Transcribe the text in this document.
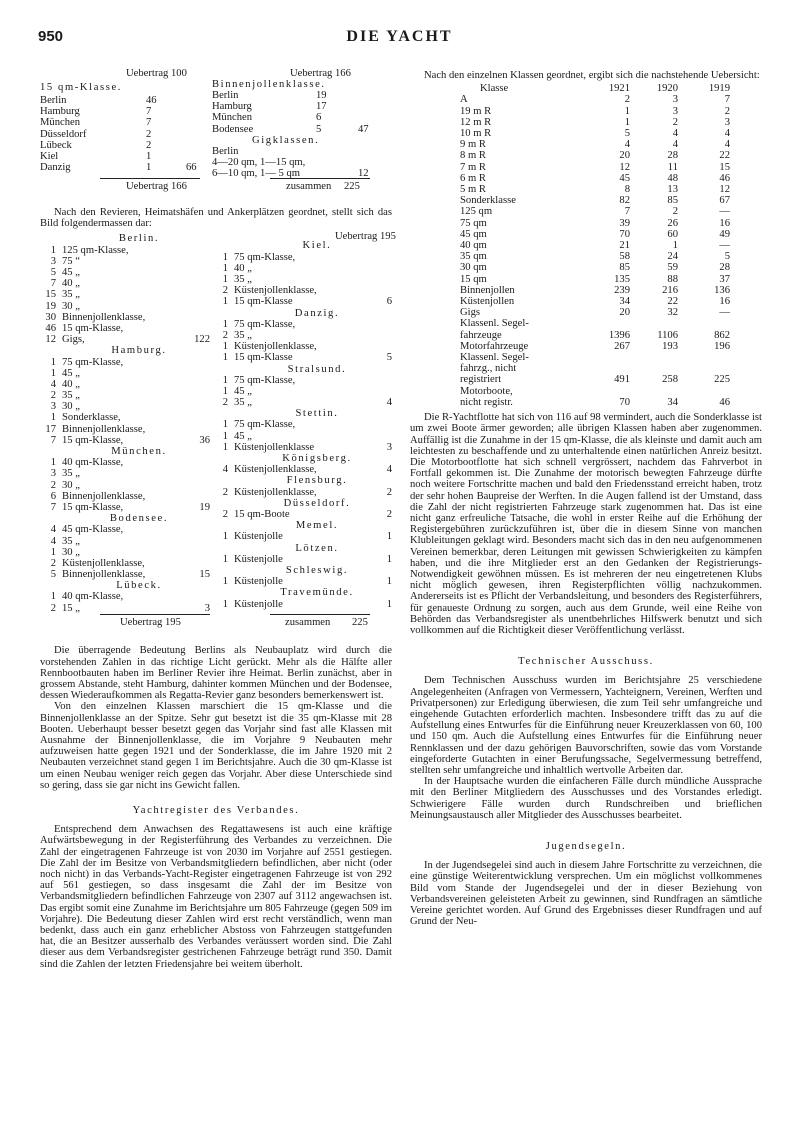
950	DIE YACHT
Uebertrag 100
15 qm-Klasse.
Berlin	46
Hamburg	7
München	7
Düsseldorf	2
Lübeck	2
Kiel	1
Danzig	1	66
Uebertrag 166
Uebertrag 166
Binnenjollenklasse.
Berlin	19
Hamburg	17
München	6
Bodensee	5	47
Gigklassen.
Berlin
4—20 qm, 1—15 qm,
6—10 qm, 1— 5 qm	12
zusammen 225

Nach den Revieren, Heimatshäfen und Ankerplätzen geordnet, stellt sich das Bild folgendermassen dar:

Uebertrag 195
Berlin.
1 125 qm-Klasse,
3 75 “
5 45 „
7 40 „
15 35 „
19 30 „
30 Binnenjollenklasse,
46 15 qm-Klasse,
12 Gigs,	122
Hamburg.
1 75 qm-Klasse,
1 45 „
4 40 „
2 35 „
3 30 „
1 Sonderklasse,
17 Binnenjollenklasse,
7 15 qm-Klasse,	36
München.
1 40 qm-Klasse,
3 35 „
2 30 „
6 Binnenjollenklasse,
7 15 qm-Klasse,	19
Bodensee.
4 45 qm-Klasse,
4 35 „
1 30 „
2 Küstenjollenklasse,
5 Binnenjollenklasse,	15
Lübeck.
1 40 qm-Klasse,
2 15 „	3
Kiel.
1 75 qm-Klasse,
1 40 „
1 35 „
2 Küstenjollenklasse,
1 15 qm-Klasse	6
Danzig.
1 75 qm-Klasse,
2 35 „
1 Küstenjollenklasse,
1 15 qm-Klasse	5
Stralsund.
1 75 qm-Klasse,
1 45 „
2 35 „	4
Stettin.
1 75 qm-Klasse,
1 45 „
1 Küstenjollenklasse	3
Königsberg.
4 Küstenjollenklasse,	4
Flensburg.
2 Küstenjollenklasse,	2
Düsseldorf.
2 15 qm-Boote	2
Memel.
1 Küstenjolle	1
Lötzen.
1 Küstenjolle	1
Schleswig.
1 Küstenjolle	1
Travemünde.
1 Küstenjolle	1
Uebertrag 195	zusammen 225

Die überragende Bedeutung Berlins als Neubauplatz wird durch die vorstehenden Zahlen in das richtige Licht gerückt. Mehr als die Hälfte aller Rennbootbauten haben im Berliner Revier ihre Heimat. Berlin zunächst, aber in grossem Abstande, steht Hamburg, dahinter kommen München und der Bodensee, dessen Wiederaufkommen als Regatta-Revier ganz besonders bemerkenswert ist.

Von den einzelnen Klassen marschiert die 15 qm-Klasse und die Binnenjollenklasse an der Spitze. Sehr gut besetzt ist die 35 qm-Klasse mit 28 Booten. Ueberhaupt besser besetzt gegen das Vorjahr sind fast alle Klassen mit Ausnahme der Binnenjollenklasse, die im Vorjahre 9 Neubauten mehr aufzuweisen hatte gegen 1921 und der Sonderklasse, die im Jahre 1920 mit 2 Neubauten verzeichnet stand gegen 1 im Berichtsjahre. Auch die 30 qm-Klasse ist um einen Neubau weniger reich gegen das Vorjahr. Aber diese Unterschiede sind so gering, dass sie gar nicht ins Gewicht fallen.

Yachtregister des Verbandes.

Entsprechend dem Anwachsen des Regattawesens ist auch eine kräftige Aufwärtsbewegung in der Registerführung des Verbandes zu verzeichnen. Die Zahl der eingetragenen Fahrzeuge ist von 2030 im Vorjahre auf 2551 gestiegen. Die Zahl der im Besitze von Verbandsmitgliedern befindlichen, aber nicht (oder noch nicht) in das Verbands-Yacht-Register eingetragenen Fahrzeuge ist von 292 auf 561 gestiegen, so dass insgesamt die Zahl der im Besitze von Verbandsmitgliedern befindlichen Fahrzeuge von 2307 auf 3112 angewachsen ist. Das ergibt somit eine Zunahme im Berichtsjahre um 805 Fahrzeuge (gegen 509 im Vorjahre). Die Bedeutung dieser Zahlen wird erst recht verständlich, wenn man bedenkt, dass auch ein ganz erheblicher Abstoss von Fahrzeugen stattgefunden hat, die an Besitzer ausserhalb des Verbandes veräussert worden sind. Die Zahl dieser aus dem Verbandsregister gestrichenen Fahrzeuge beträgt rund 350. Damit sind die Zahlen der letzten Friedensjahre bei weitem überholt.

Nach den einzelnen Klassen geordnet, ergibt sich die nachstehende Uebersicht:

Klasse	1921	1920	1919
A	2	3	7
19 m R	1	3	2
12 m R	1	2	3
10 m R	5	4	4
9 m R	4	4	4
8 m R	20	28	22
7 m R	12	11	15
6 m R	45	48	46
5 m R	8	13	12
Sonderklasse	82	85	67
125 qm	7	2	—
75 qm	39	26	16
45 qm	70	60	49
40 qm	21	1	—
35 qm	58	24	5
30 qm	85	59	28
15 qm	135	88	37
Binnenjollen	239	216	136
Küstenjollen	34	22	16
Gigs	20	32	—
Klassenl. Segel-			
fahrzeuge	1396	1106	862
Motorfahrzeuge	267	193	196
Klassenl. Segel-			
fahrzg., nicht			
registriert	491	258	225
Motorboote,			
nicht registr.	70	34	46

Die R-Yachtflotte hat sich von 116 auf 98 vermindert, auch die Sonderklasse ist um zwei Boote ärmer geworden; alle übrigen Klassen haben aber zugenommen. Auffällig ist die Zunahme in der 15 qm-Klasse, die als kleinste und damit auch am leichtesten zu beschaffende und zu unterhaltende einen natürlichen Anreiz besitzt. Die Motorbootflotte hat sich schnell vergrössert, nachdem das Fahrverbot in Fortfall gekommen ist. Die Zunahme der motorisch bewegten Fahrzeuge dürfte noch weitere Fortschritte machen und bald den Friedensstand erreicht haben, trotz der sehr hohen Baupreise der Werften. In die Augen fallend ist der Umstand, dass die Zahl der nicht registrierten Fahrzeuge stark zugenommen hat. Das ist eine nicht ganz erfreuliche Tatsache, die wohl in erster Reihe auf die Erhöhung der Registergebühren zurückzuführen ist, über die in diesem Sinne von manchen Klubleitungen geklagt wird. Besonders macht sich das in den neu aufgenommenen Vereinen bemerkbar, deren Leitungen mit gewissen Schwierigkeiten zu kämpfen haben, und die ihre Mitglieder erst an den Gedanken der Registrierungs-Notwendigkeit gewöhnen müssen. Es ist mehreren der neu eingetretenen Klubs nicht möglich gewesen, ihren Registerpflichten völlig nachzukommen. Andererseits ist es Pflicht der Verbandsleitung, und besonders des Registerführers, für genaueste Ordnung zu sorgen, auch aus dem Grunde, weil eine Reihe von Behörden das Verbandsregister als unentbehrliches Hilfswerk benutzt und sich vollkommen auf die Richtigkeit dieser Veröffentlichung verlässt.

Technischer Ausschuss.

Dem Technischen Ausschuss wurden im Berichtsjahre 25 verschiedene Angelegenheiten (Anfragen von Vermessern, Yachteignern, Vereinen, Werften und Privatpersonen) zur Erledigung überwiesen, die zum Teil sehr umfangreiche und eingehende Gutachten erforderlich machten. Insbesondere trifft das zu auf die Aufstellung eines Entwurfes für die Einführung neuer Kreuzerklassen von 60, 100 und 150 qm. Auch die Aufstellung eines Entwurfes für die Einführung neuer Rennklassen und der dazu gehörigen Bauvorschriften, sowie das vom Vorstande eingeforderte Gutachten in einer Berufungssache, Segelvermessung betreffend, stellten sehr umfangreiche und inhaltlich wertvolle Arbeiten dar.

In der Hauptsache wurden die einfacheren Fälle durch mündliche Aussprache mit den Berliner Mitgliedern des Ausschusses und des Vorstandes erledigt. Schwierigere Fälle wurden durch Rundschreiben und brieflichen Meinungsaustausch aller Mitglieder des Ausschusses bearbeitet.

Jugendsegeln.

In der Jugendsegelei sind auch in diesem Jahre Fortschritte zu verzeichnen, die eine günstige Weiterentwicklung versprechen. Um ein möglichst vollkommenes Bild vom Stande der Jugendsegelei und der in dieser Beziehung von Verbandsvereinen geleisteten Arbeit zu gewinnen, sind Rundfragen an sämtliche Vereine gerichtet worden. Auf Grund des Ergebnisses dieser Rundfragen und auf Grund der Neu-
